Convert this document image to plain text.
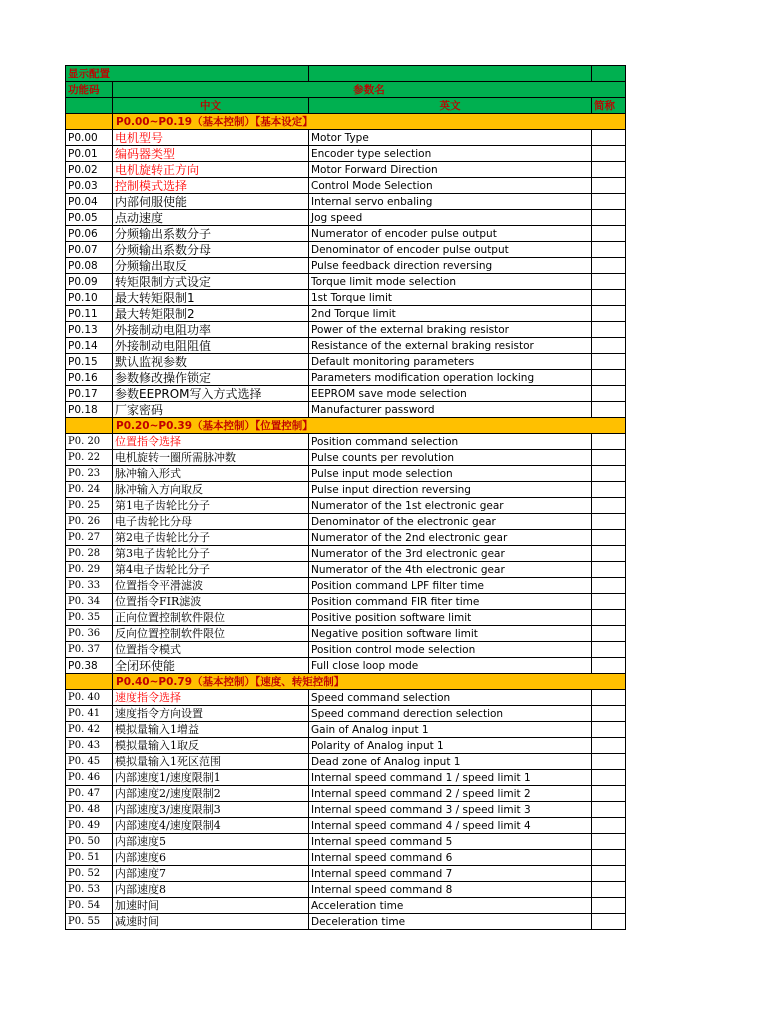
显示配置			
功能码	参数名		
	中文	英文	简称
	P0.00~P0.19（基本控制）【基本设定】		
P0.00	电机型号	Motor Type	
P0.01	编码器类型	Encoder type selection	
P0.02	电机旋转正方向	Motor Forward Direction	
P0.03	控制模式选择	Control Mode Selection	
P0.04	内部伺服使能	Internal servo enbaling	
P0.05	点动速度	Jog speed	
P0.06	分频输出系数分子	Numerator of encoder pulse output	
P0.07	分频输出系数分母	Denominator of encoder pulse output	
P0.08	分频输出取反	Pulse feedback direction reversing	
P0.09	转矩限制方式设定	Torque limit mode selection	
P0.10	最大转矩限制1	1st Torque limit	
P0.11	最大转矩限制2	2nd Torque limit	
P0.13	外接制动电阻功率	Power of the external braking resistor	
P0.14	外接制动电阻阻值	Resistance of the external braking resistor	
P0.15	默认监视参数	Default monitoring parameters	
P0.16	参数修改操作锁定	Parameters modification operation locking	
P0.17	参数EEPROM写入方式选择	EEPROM save mode selection	
P0.18	厂家密码	Manufacturer password	
	P0.20~P0.39（基本控制）【位置控制】		
P0. 20	位置指令选择	Position command selection	
P0. 22	电机旋转一圈所需脉冲数	Pulse counts per revolution	
P0. 23	脉冲输入形式	Pulse input mode selection	
P0. 24	脉冲输入方向取反	Pulse input direction reversing	
P0. 25	第1电子齿轮比分子	Numerator of the 1st electronic gear	
P0. 26	电子齿轮比分母	Denominator of the electronic gear	
P0. 27	第2电子齿轮比分子	Numerator of the 2nd electronic gear	
P0. 28	第3电子齿轮比分子	Numerator of the 3rd electronic gear	
P0. 29	第4电子齿轮比分子	Numerator of the 4th electronic gear	
P0. 33	位置指令平滑滤波	Position command LPF filter time	
P0. 34	位置指令FIR滤波	Position command FIR fiter time	
P0. 35	正向位置控制软件限位	Positive position software limit	
P0. 36	反向位置控制软件限位	Negative position software limit	
P0. 37	位置指令模式	Position control mode selection	
P0.38	全闭环使能	Full close loop mode	
	P0.40~P0.79（基本控制）【速度、转矩控制】		
P0. 40	速度指令选择	Speed command selection	
P0. 41	速度指令方向设置	Speed command derection selection	
P0. 42	模拟量输入1增益	Gain of Analog input 1	
P0. 43	模拟量输入1取反	Polarity of Analog input 1	
P0. 45	模拟量输入1死区范围	Dead zone of Analog input 1	
P0. 46	内部速度1/速度限制1	Internal speed command 1 / speed limit 1	
P0. 47	内部速度2/速度限制2	Internal speed command 2 / speed limit 2	
P0. 48	内部速度3/速度限制3	Internal speed command 3 / speed limit 3	
P0. 49	内部速度4/速度限制4	Internal speed command 4 / speed limit 4	
P0. 50	内部速度5	Internal speed command 5	
P0. 51	内部速度6	Internal speed command 6	
P0. 52	内部速度7	Internal speed command 7	
P0. 53	内部速度8	Internal speed command 8	
P0. 54	加速时间	Acceleration time	
P0. 55	减速时间	Deceleration time	
